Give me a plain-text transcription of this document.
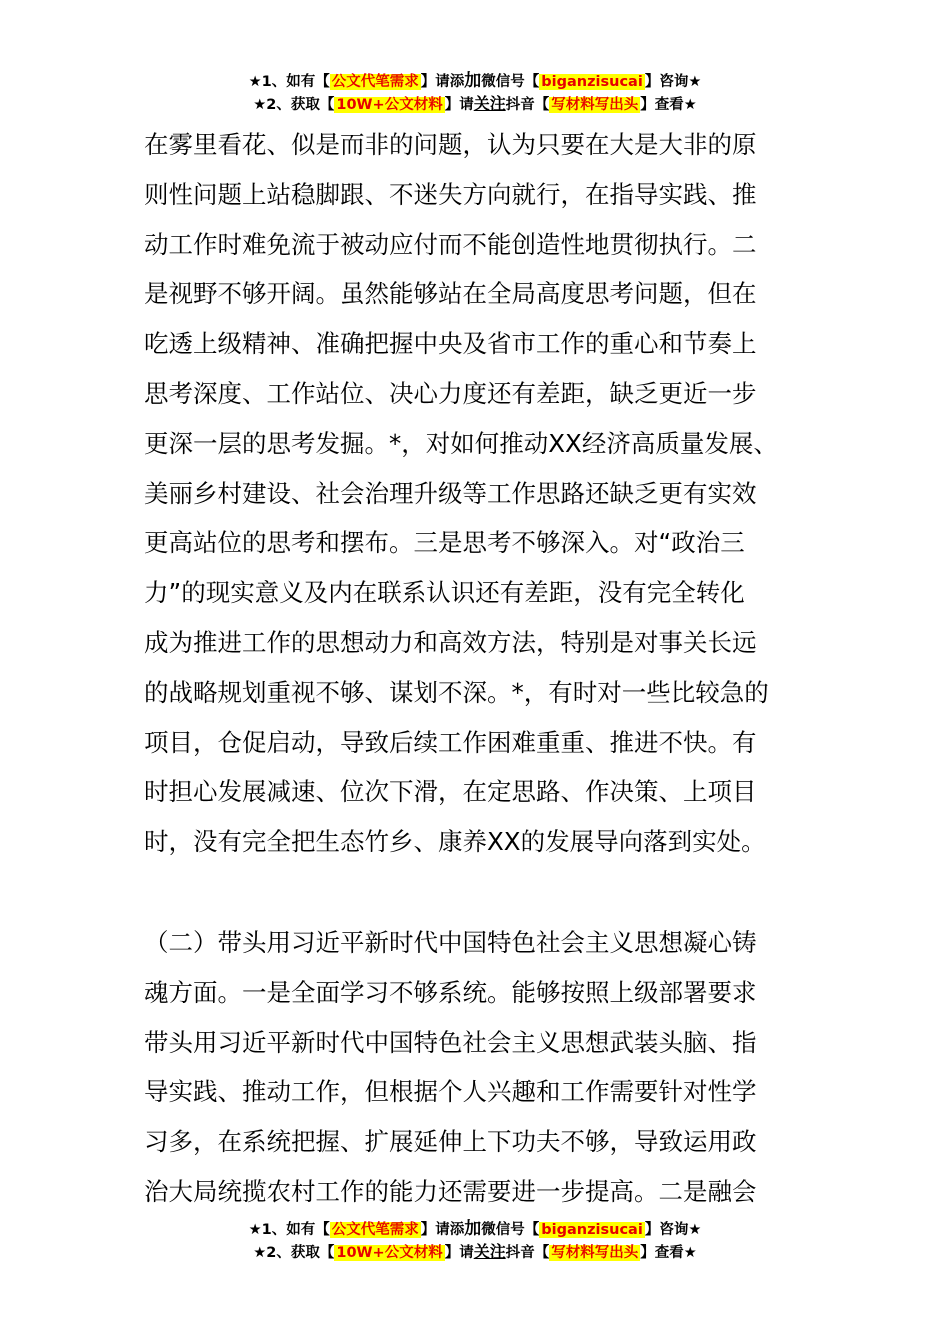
★1、如有【 公文代笔需求 】请添加微信号【 biganzisucai 】咨询★
★2、获取【 10W+公文材料 】请关注抖音【 写材料写出头 】查看★
在雾里看花、似是而非的问题，认为只要在大是大非的原
则性问题上站稳脚跟、不迷失方向就行，在指导实践、推
动工作时难免流于被动应付而不能创造性地贯彻执行。二
是视野不够开阔。虽然能够站在全局高度思考问题，但在
吃透上级精神、准确把握中央及省市工作的重心和节奏上
思考深度、工作站位、决心力度还有差距，缺乏更近一步
更深一层的思考发掘。*，对如何推动XX经济高质量发展、
美丽乡村建设、社会治理升级等工作思路还缺乏更有实效
更高站位的思考和摆布。三是思考不够深入。对“政治三
力”的现实意义及内在联系认识还有差距，没有完全转化
成为推进工作的思想动力和高效方法，特别是对事关长远
的战略规划重视不够、谋划不深。*，有时对一些比较急的
项目，仓促启动，导致后续工作困难重重、推进不快。有
时担心发展减速、位次下滑，在定思路、作决策、上项目
时，没有完全把生态竹乡、康养XX的发展导向落到实处。
（二）带头用习近平新时代中国特色社会主义思想凝心铸
魂方面。一是全面学习不够系统。能够按照上级部署要求
带头用习近平新时代中国特色社会主义思想武装头脑、指
导实践、推动工作，但根据个人兴趣和工作需要针对性学
习多，在系统把握、扩展延伸上下功夫不够，导致运用政
治大局统揽农村工作的能力还需要进一步提高。二是融会
★1、如有【 公文代笔需求 】请添加微信号【 biganzisucai 】咨询★
★2、获取【 10W+公文材料 】请关注抖音【 写材料写出头 】查看★
